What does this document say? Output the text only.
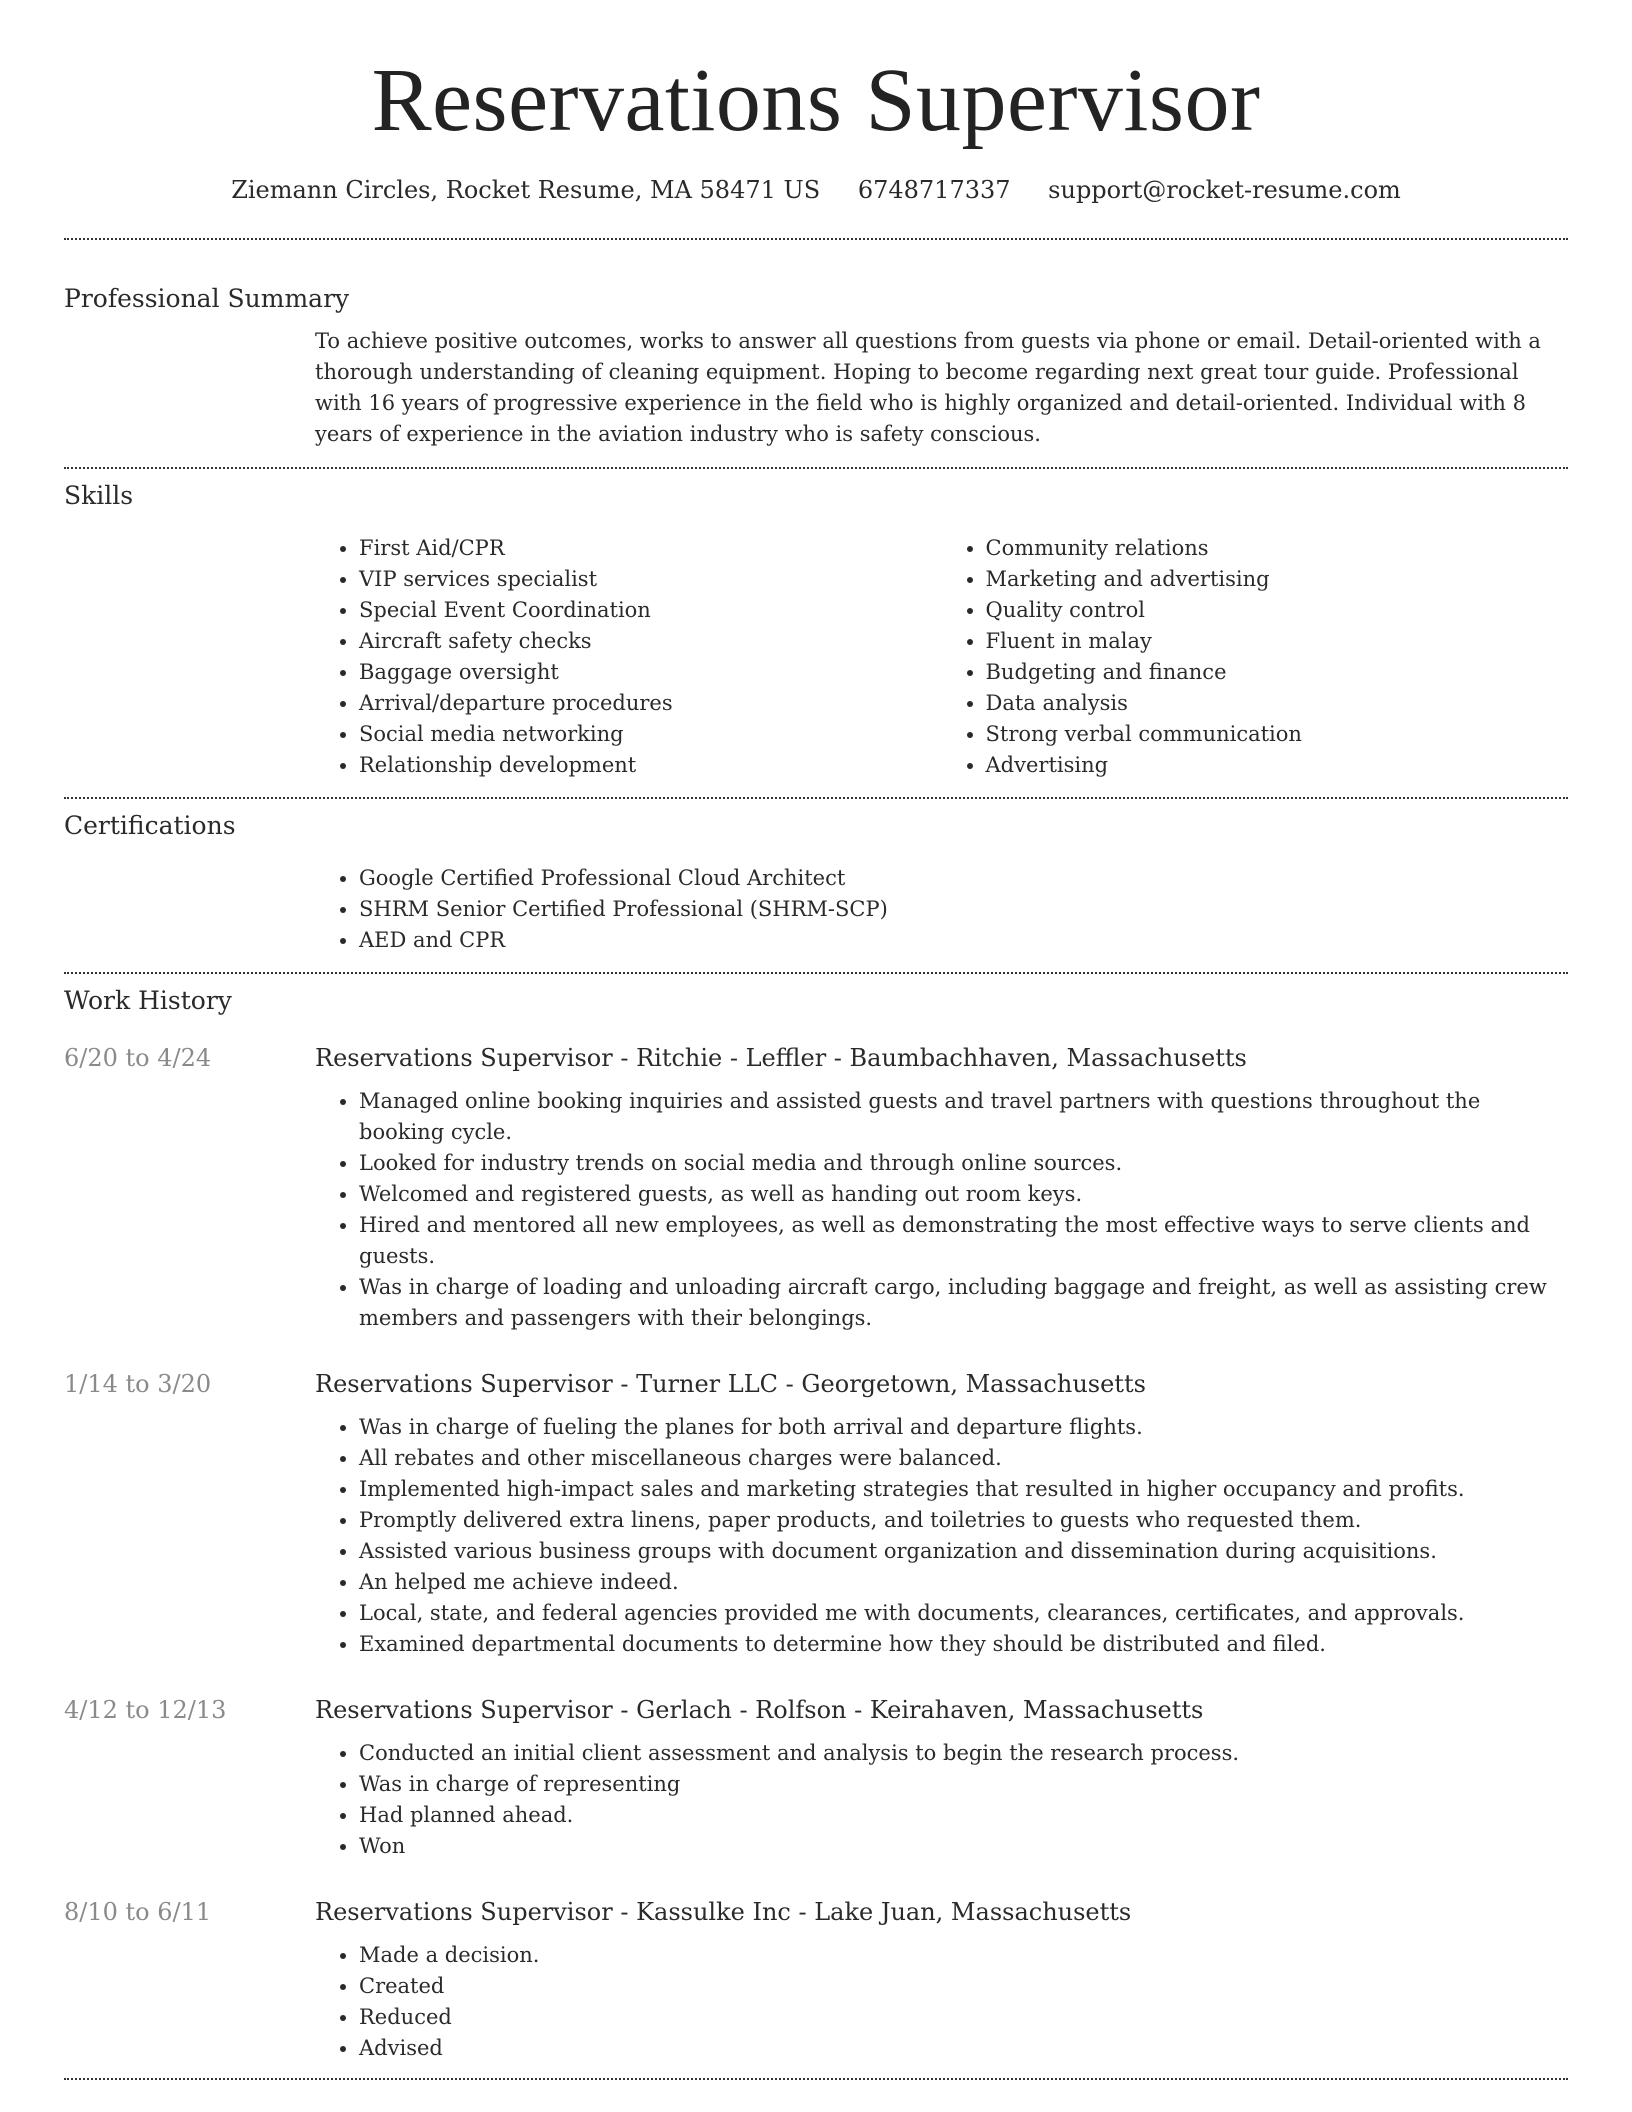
Reservations Supervisor
Ziemann Circles, Rocket Resume, MA 58471 US 6748717337 support@rocket-resume.com
Professional Summary

To achieve positive outcomes, works to answer all questions from guests via phone or email. Detail-oriented with a thorough understanding of cleaning equipment. Hoping to become regarding next great tour guide. Professional with 16 years of progressive experience in the field who is highly organized and detail-oriented. Individual with 8 years of experience in the aviation industry who is safety conscious.

Skills
• First Aid/CPR
• VIP services specialist
• Special Event Coordination
• Aircraft safety checks
• Baggage oversight
• Arrival/departure procedures
• Social media networking
• Relationship development
• Community relations
• Marketing and advertising
• Quality control
• Fluent in malay
• Budgeting and finance
• Data analysis
• Strong verbal communication
• Advertising
Certifications
• Google Certified Professional Cloud Architect
• SHRM Senior Certified Professional (SHRM-SCP)
• AED and CPR
Work History
6/20 to 4/24	Reservations Supervisor - Ritchie - Leffler - Baumbachhaven, Massachusetts
• Managed online booking inquiries and assisted guests and travel partners with questions throughout the booking cycle.
• Looked for industry trends on social media and through online sources.
• Welcomed and registered guests, as well as handing out room keys.
• Hired and mentored all new employees, as well as demonstrating the most effective ways to serve clients and guests.
• Was in charge of loading and unloading aircraft cargo, including baggage and freight, as well as assisting crew members and passengers with their belongings.
1/14 to 3/20	Reservations Supervisor - Turner LLC - Georgetown, Massachusetts
• Was in charge of fueling the planes for both arrival and departure flights.
• All rebates and other miscellaneous charges were balanced.
• Implemented high-impact sales and marketing strategies that resulted in higher occupancy and profits.
• Promptly delivered extra linens, paper products, and toiletries to guests who requested them.
• Assisted various business groups with document organization and dissemination during acquisitions.
• An helped me achieve indeed.
• Local, state, and federal agencies provided me with documents, clearances, certificates, and approvals.
• Examined departmental documents to determine how they should be distributed and filed.
4/12 to 12/13	Reservations Supervisor - Gerlach - Rolfson - Keirahaven, Massachusetts
• Conducted an initial client assessment and analysis to begin the research process.
• Was in charge of representing
• Had planned ahead.
• Won
8/10 to 6/11	Reservations Supervisor - Kassulke Inc - Lake Juan, Massachusetts
• Made a decision.
• Created
• Reduced
• Advised
